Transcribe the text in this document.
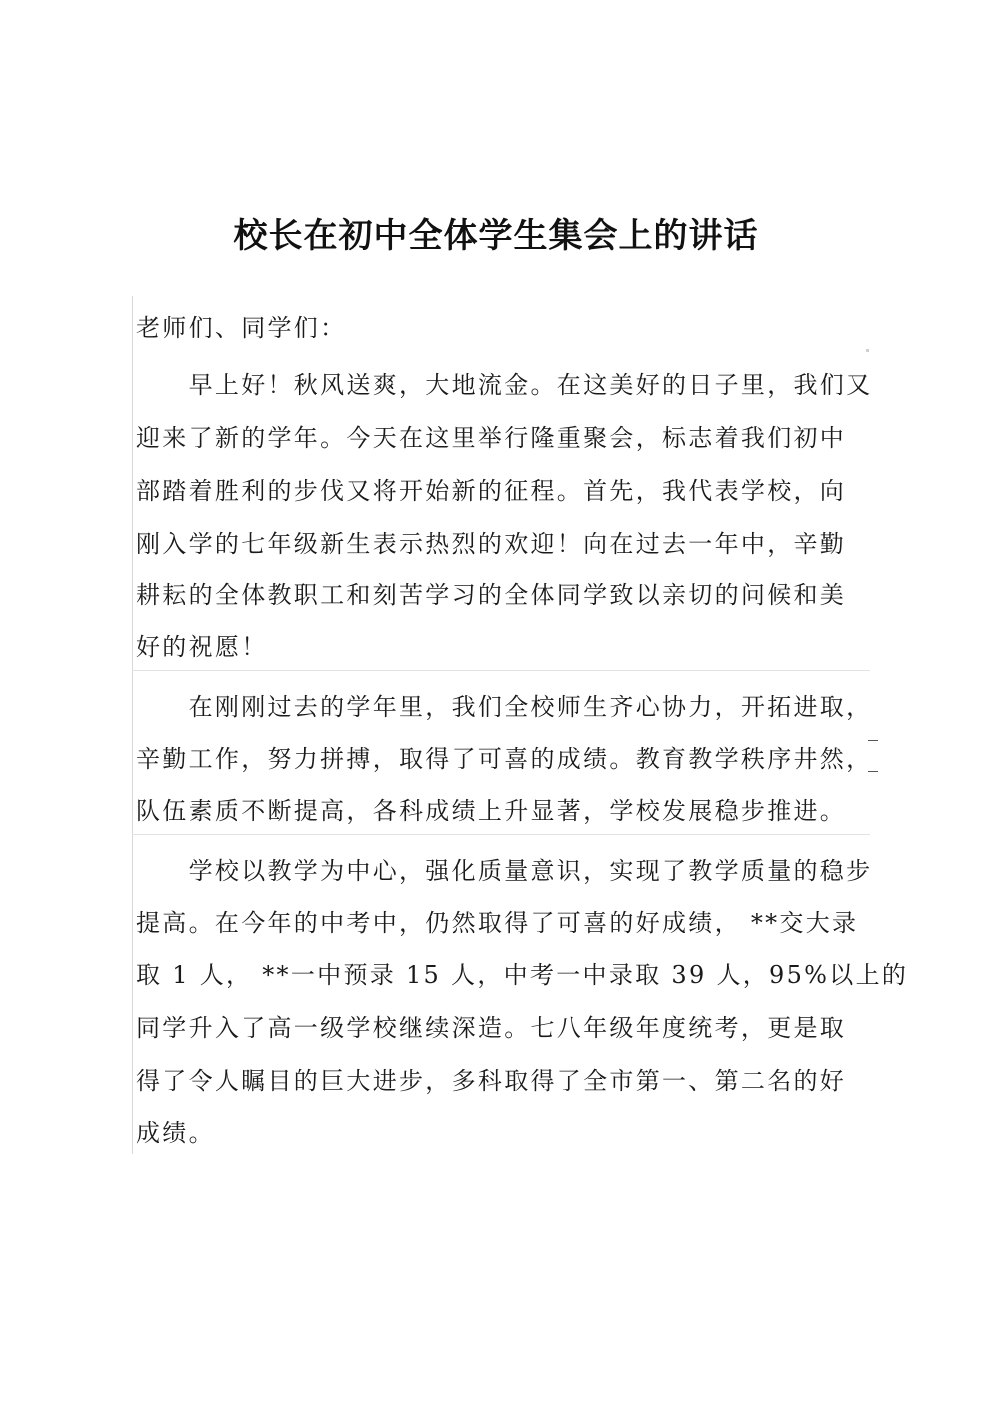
校长在初中全体学生集会上的讲话

老师们、同学们：

　　早上好！秋风送爽，大地流金。在这美好的日子里，我们又

迎来了新的学年。今天在这里举行隆重聚会，标志着我们初中

部踏着胜利的步伐又将开始新的征程。首先，我代表学校，向

刚入学的七年级新生表示热烈的欢迎！向在过去一年中，辛勤

耕耘的全体教职工和刻苦学习的全体同学致以亲切的问候和美

好的祝愿！

　　在刚刚过去的学年里，我们全校师生齐心协力，开拓进取，

辛勤工作，努力拼搏，取得了可喜的成绩。教育教学秩序井然，

队伍素质不断提高，各科成绩上升显著，学校发展稳步推进。

　　学校以教学为中心，强化质量意识，实现了教学质量的稳步

提高。在今年的中考中，仍然取得了可喜的好成绩， **交大录

取 1 人， **一中预录 15 人，中考一中录取 39 人，95%以上的

同学升入了高一级学校继续深造。七八年级年度统考，更是取

得了令人瞩目的巨大进步，多科取得了全市第一、第二名的好

成绩。
